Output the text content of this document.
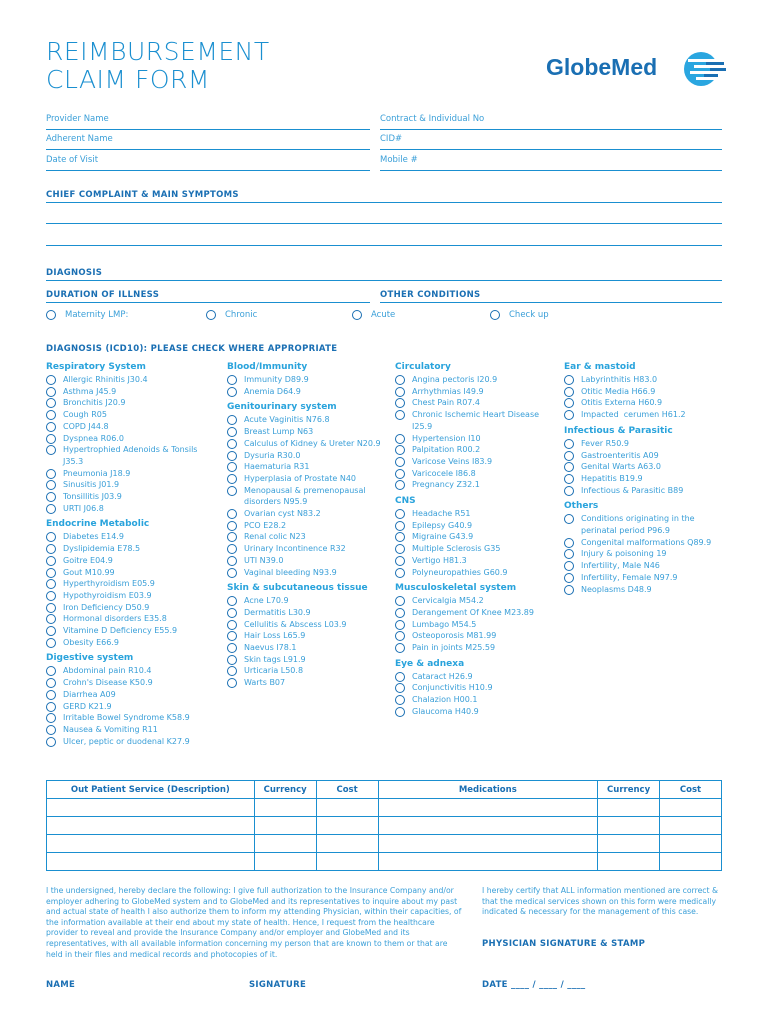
REIMBURSEMENT
CLAIM FORM	GlobeMed
Provider Name	Contract & Individual No
Adherent Name	CID#
Date of Visit	Mobile #
CHIEF COMPLAINT & MAIN SYMPTOMS
DIAGNOSIS
DURATION OF ILLNESS	OTHER CONDITIONS
Maternity LMP:	Chronic	Acute	Check up
DIAGNOSIS (ICD10): PLEASE CHECK WHERE APPROPRIATE
Respiratory System
Allergic Rhinitis J30.4
Asthma J45.9
Bronchitis J20.9
Cough R05
COPD J44.8
Dyspnea R06.0
Hypertrophied Adenoids & Tonsils
J35.3
Pneumonia J18.9
Sinusitis J01.9
Tonsillitis J03.9
URTI J06.8
Endocrine Metabolic
Diabetes E14.9
Dyslipidemia E78.5
Goitre E04.9
Gout M10.99
Hyperthyroidism E05.9
Hypothyroidism E03.9
Iron Deficiency D50.9
Hormonal disorders E35.8
Vitamine D Deficiency E55.9
Obesity E66.9
Digestive system
Abdominal pain R10.4
Crohn's Disease K50.9
Diarrhea A09
GERD K21.9
Irritable Bowel Syndrome K58.9
Nausea & Vomiting R11
Ulcer, peptic or duodenal K27.9
Blood/Immunity
Immunity D89.9
Anemia D64.9
Genitourinary system
Acute Vaginitis N76.8
Breast Lump N63
Calculus of Kidney & Ureter N20.9
Dysuria R30.0
Haematuria R31
Hyperplasia of Prostate N40
Menopausal & premenopausal
disorders N95.9
Ovarian cyst N83.2
PCO E28.2
Renal colic N23
Urinary Incontinence R32
UTI N39.0
Vaginal bleeding N93.9
Skin & subcutaneous tissue
Acne L70.9
Dermatitis L30.9
Cellulitis & Abscess L03.9
Hair Loss L65.9
Naevus I78.1
Skin tags L91.9
Urticaria L50.8
Warts B07
Circulatory
Angina pectoris I20.9
Arrhythmias I49.9
Chest Pain R07.4
Chronic Ischemic Heart Disease
I25.9
Hypertension I10
Palpitation R00.2
Varicose Veins I83.9
Varicocele I86.8
Pregnancy Z32.1
CNS
Headache R51
Epilepsy G40.9
Migraine G43.9
Multiple Sclerosis G35
Vertigo H81.3
Polyneuropathies G60.9
Musculoskeletal system
Cervicalgia M54.2
Derangement Of Knee M23.89
Lumbago M54.5
Osteoporosis M81.99
Pain in joints M25.59
Eye & adnexa
Cataract H26.9
Conjunctivitis H10.9
Chalazion H00.1
Glaucoma H40.9
Ear & mastoid
Labyrinthitis H83.0
Otitic Media H66.9
Otitis Externa H60.9
Impacted  cerumen H61.2
Infectious & Parasitic
Fever R50.9
Gastroenteritis A09
Genital Warts A63.0
Hepatitis B19.9
Infectious & Parasitic B89
Others
Conditions originating in the
perinatal period P96.9
Congenital malformations Q89.9
Injury & poisoning 19
Infertility, Male N46
Infertility, Female N97.9
Neoplasms D48.9
Out Patient Service (Description)	Currency	Cost	Medications	Currency	Cost

I the undersigned, hereby declare the following: I give full authorization to the Insurance Company and/or employer adhering to GlobeMed system and to GlobeMed and its representatives to inquire about my past and actual state of health I also authorize them to inform my attending Physician, within their capacities, of the information available at their end about my state of health. Hence, I request from the healthcare provider to reveal and provide the Insurance Company and/or employer and GlobeMed and its representatives, with all available information concerning my person that are known to them or that are held in their files and medical records and photocopies of it.
I hereby certify that ALL information mentioned are correct & that the medical services shown on this form were medically indicated & necessary for the management of this case.
PHYSICIAN SIGNATURE & STAMP
NAME	SIGNATURE	DATE ____ / ____ / ____
